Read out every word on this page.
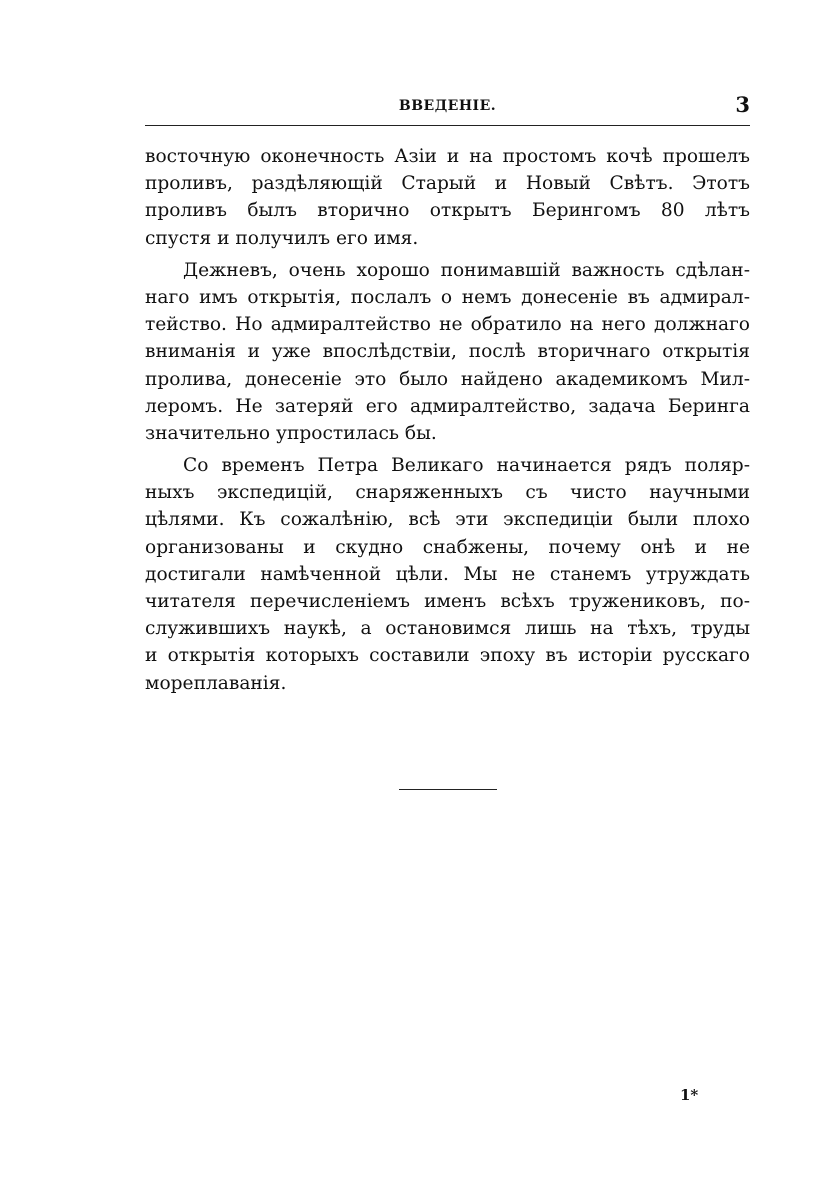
ВВЕДЕНІЕ.	3
восточную оконечность Азіи и на простомъ кочѣ прошелъ
проливъ, раздѣляющій Старый и Новый Свѣтъ. Этотъ
проливъ былъ вторично открытъ Берингомъ 80 лѣтъ
спустя и получилъ его имя.
Дежневъ, очень хорошо понимавшій важность сдѣлан-
наго имъ открытія, послалъ о немъ донесеніе въ адмирал-
тейство. Но адмиралтейство не обратило на него должнаго
вниманія и уже впослѣдствіи, послѣ вторичнаго открытія
пролива, донесеніе это было найдено академикомъ Мил-
леромъ. Не затеряй его адмиралтейство, задача Беринга
значительно упростилась бы.
Со временъ Петра Великаго начинается рядъ поляр-
ныхъ экспедицій, снаряженныхъ съ чисто научными
цѣлями. Къ сожалѣнію, всѣ эти экспедиціи были плохо
организованы и скудно снабжены, почему онѣ и не
достигали намѣченной цѣли. Мы не станемъ утруждать
читателя перечисленіемъ именъ всѣхъ тружениковъ, по-
служившихъ наукѣ, а остановимся лишь на тѣхъ, труды
и открытія которыхъ составили эпоху въ исторіи русскаго
мореплаванія.
1*
